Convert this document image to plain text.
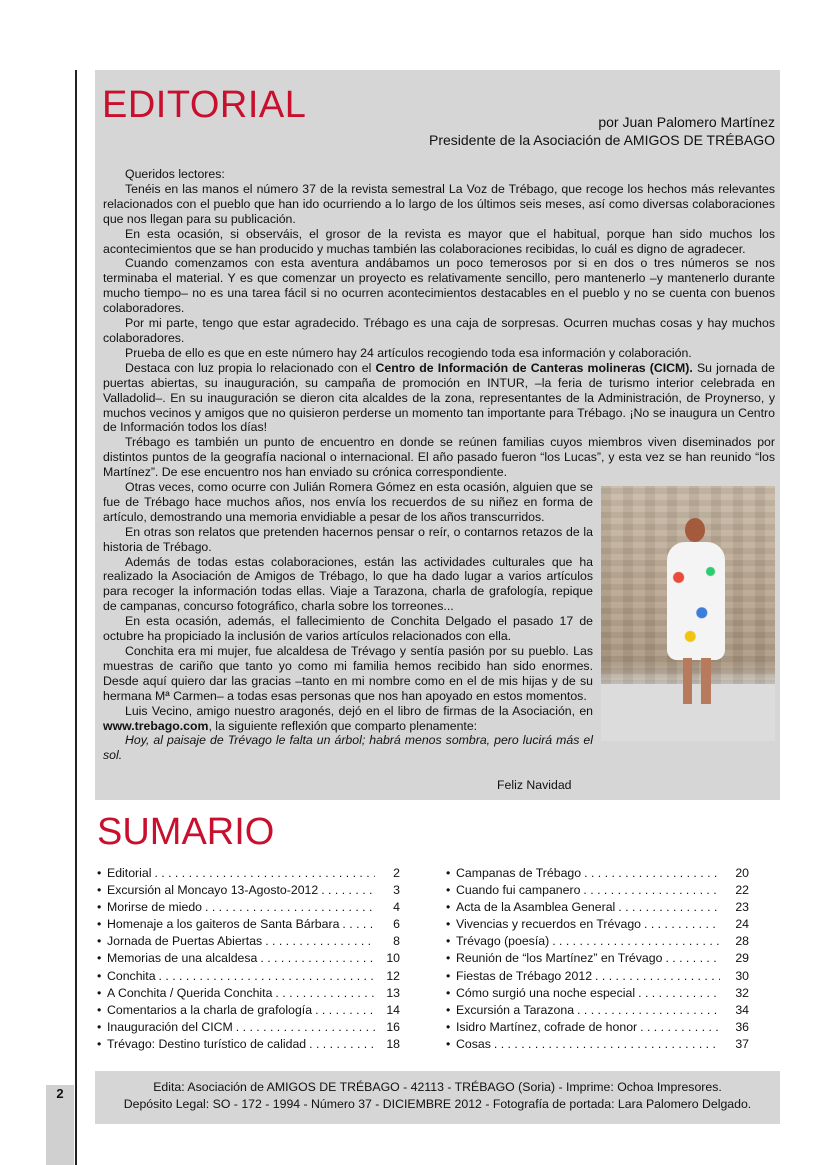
2
EDITORIAL	por Juan Palomero Martínez
Presidente de la Asociación de AMIGOS DE TRÉBAGO

Queridos lectores:

Tenéis en las manos el número 37 de la revista semestral La Voz de Trébago, que recoge los hechos más relevantes relacionados con el pueblo que han ido ocurriendo a lo largo de los últimos seis meses, así como diversas colaboraciones que nos llegan para su publicación.

En esta ocasión, si observáis, el grosor de la revista es mayor que el habitual, porque han sido muchos los acontecimientos que se han producido y muchas también las colaboraciones recibidas, lo cuál es digno de agradecer.

Cuando comenzamos con esta aventura andábamos un poco temerosos por si en dos o tres números se nos terminaba el material. Y es que comenzar un proyecto es relativamente sencillo, pero mantenerlo –y mantenerlo durante mucho tiempo– no es una tarea fácil si no ocurren acontecimientos destacables en el pueblo y no se cuenta con buenos colaboradores.

Por mi parte, tengo que estar agradecido. Trébago es una caja de sorpresas. Ocurren muchas cosas y hay muchos colaboradores.

Prueba de ello es que en este número hay 24 artículos recogiendo toda esa información y colaboración.

Destaca con luz propia lo relacionado con el Centro de Información de Canteras molineras (CICM). Su jornada de puertas abiertas, su inauguración, su campaña de promoción en INTUR, –la feria de turismo interior celebrada en Valladolid–. En su inauguración se dieron cita alcaldes de la zona, representantes de la Administración, de Proynerso, y muchos vecinos y amigos que no quisieron perderse un momento tan importante para Trébago. ¡No se inaugura un Centro de Información todos los días!

Trébago es también un punto de encuentro en donde se reúnen familias cuyos miembros viven diseminados por distintos puntos de la geografía nacional o internacional. El año pasado fueron “los Lucas”, y esta vez se han reunido “los Martínez”. De ese encuentro nos han enviado su crónica correspondiente.

Otras veces, como ocurre con Julián Romera Gómez en esta ocasión, alguien que se fue de Trébago hace muchos años, nos envía los recuerdos de su niñez en forma de artículo, demostrando una memoria envidiable a pesar de los años transcurridos.

En otras son relatos que pretenden hacernos pensar o reír, o contarnos retazos de la historia de Trébago.

Además de todas estas colaboraciones, están las actividades culturales que ha realizado la Asociación de Amigos de Trébago, lo que ha dado lugar a varios artículos para recoger la información todas ellas. Viaje a Tarazona, charla de grafología, repique de campanas, concurso fotográfico, charla sobre los torreones...

En esta ocasión, además, el fallecimiento de Conchita Delgado el pasado 17 de octubre ha propiciado la inclusión de varios artículos relacionados con ella.

Conchita era mi mujer, fue alcaldesa de Trévago y sentía pasión por su pueblo. Las muestras de cariño que tanto yo como mi familia hemos recibido han sido enormes. Desde aquí quiero dar las gracias –tanto en mi nombre como en el de mis hijas y de su hermana Mª Carmen– a todas esas personas que nos han apoyado en estos momentos.

Luis Vecino, amigo nuestro aragonés, dejó en el libro de firmas de la Asociación, en www.trebago.com, la siguiente reflexión que comparto plenamente:

Hoy, al paisaje de Trévago le falta un árbol; habrá menos sombra, pero lucirá más el sol.

Feliz Navidad
SUMARIO
• Editorial . . .	2
• Excursión al Moncayo 13-Agosto-2012 . . .	3
• Morirse de miedo . . .	4
• Homenaje a los gaiteros de Santa Bárbara . . .	6
• Jornada de Puertas Abiertas . . .	8
• Memorias de una alcaldesa . . .	10
• Conchita . . .	12
• A Conchita / Querida Conchita . . .	13
• Comentarios a la charla de grafología . . .	14
• Inauguración del CICM . . .	16
• Trévago: Destino turístico de calidad . . .	18
• Campanas de Trébago . . .	20
• Cuando fui campanero . . .	22
• Acta de la Asamblea General . . .	23
• Vivencias y recuerdos en Trévago . . .	24
• Trévago (poesía) . . .	28
• Reunión de “los Martínez” en Trévago . . .	29
• Fiestas de Trébago 2012 . . .	30
• Cómo surgió una noche especial . . .	32
• Excursión a Tarazona . . .	34
• Isidro Martínez, cofrade de honor . . .	36
• Cosas . . .	37
Edita: Asociación de AMIGOS DE TRÉBAGO - 42113 - TRÉBAGO (Soria) - Imprime: Ochoa Impresores.
Depósito Legal: SO - 172 - 1994 - Número 37 - DICIEMBRE 2012 - Fotografía de portada: Lara Palomero Delgado.
